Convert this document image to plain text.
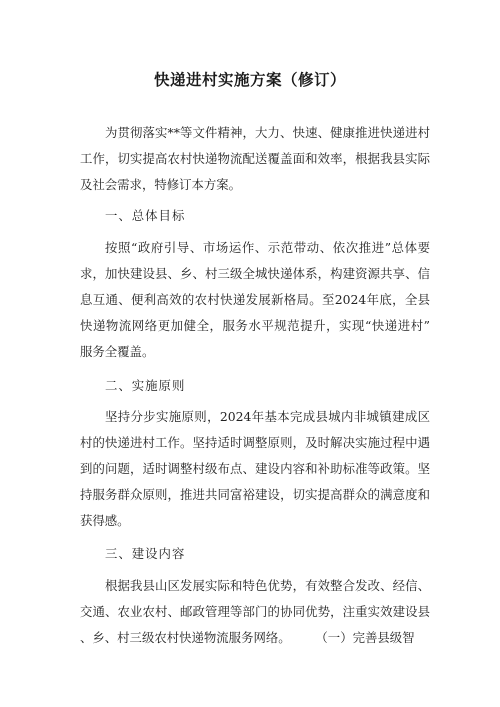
快递进村实施方案（修订）
为贯彻落实**等文件精神，大力、快速、健康推进快递进村
工作，切实提高农村快递物流配送覆盖面和效率，根据我县实际
及社会需求，特修订本方案。
一、总体目标
按照“政府引导、市场运作、示范带动、依次推进”总体要
求，加快建设县、乡、村三级全城快递体系，构建资源共享、信
息互通、便利高效的农村快递发展新格局。至2024年底，全县
快递物流网络更加健全，服务水平规范提升，实现“快递进村”
服务全覆盖。
二、实施原则
坚持分步实施原则，2024年基本完成县城内非城镇建成区
村的快递进村工作。坚持适时调整原则，及时解决实施过程中遇
到的问题，适时调整村级布点、建设内容和补助标准等政策。坚
持服务群众原则，推进共同富裕建设，切实提高群众的满意度和
获得感。
三、建设内容
根据我县山区发展实际和特色优势，有效整合发改、经信、
交通、农业农村、邮政管理等部门的协同优势，注重实效建设县
、乡、村三级农村快递物流服务网络。　　　（一）完善县级智
